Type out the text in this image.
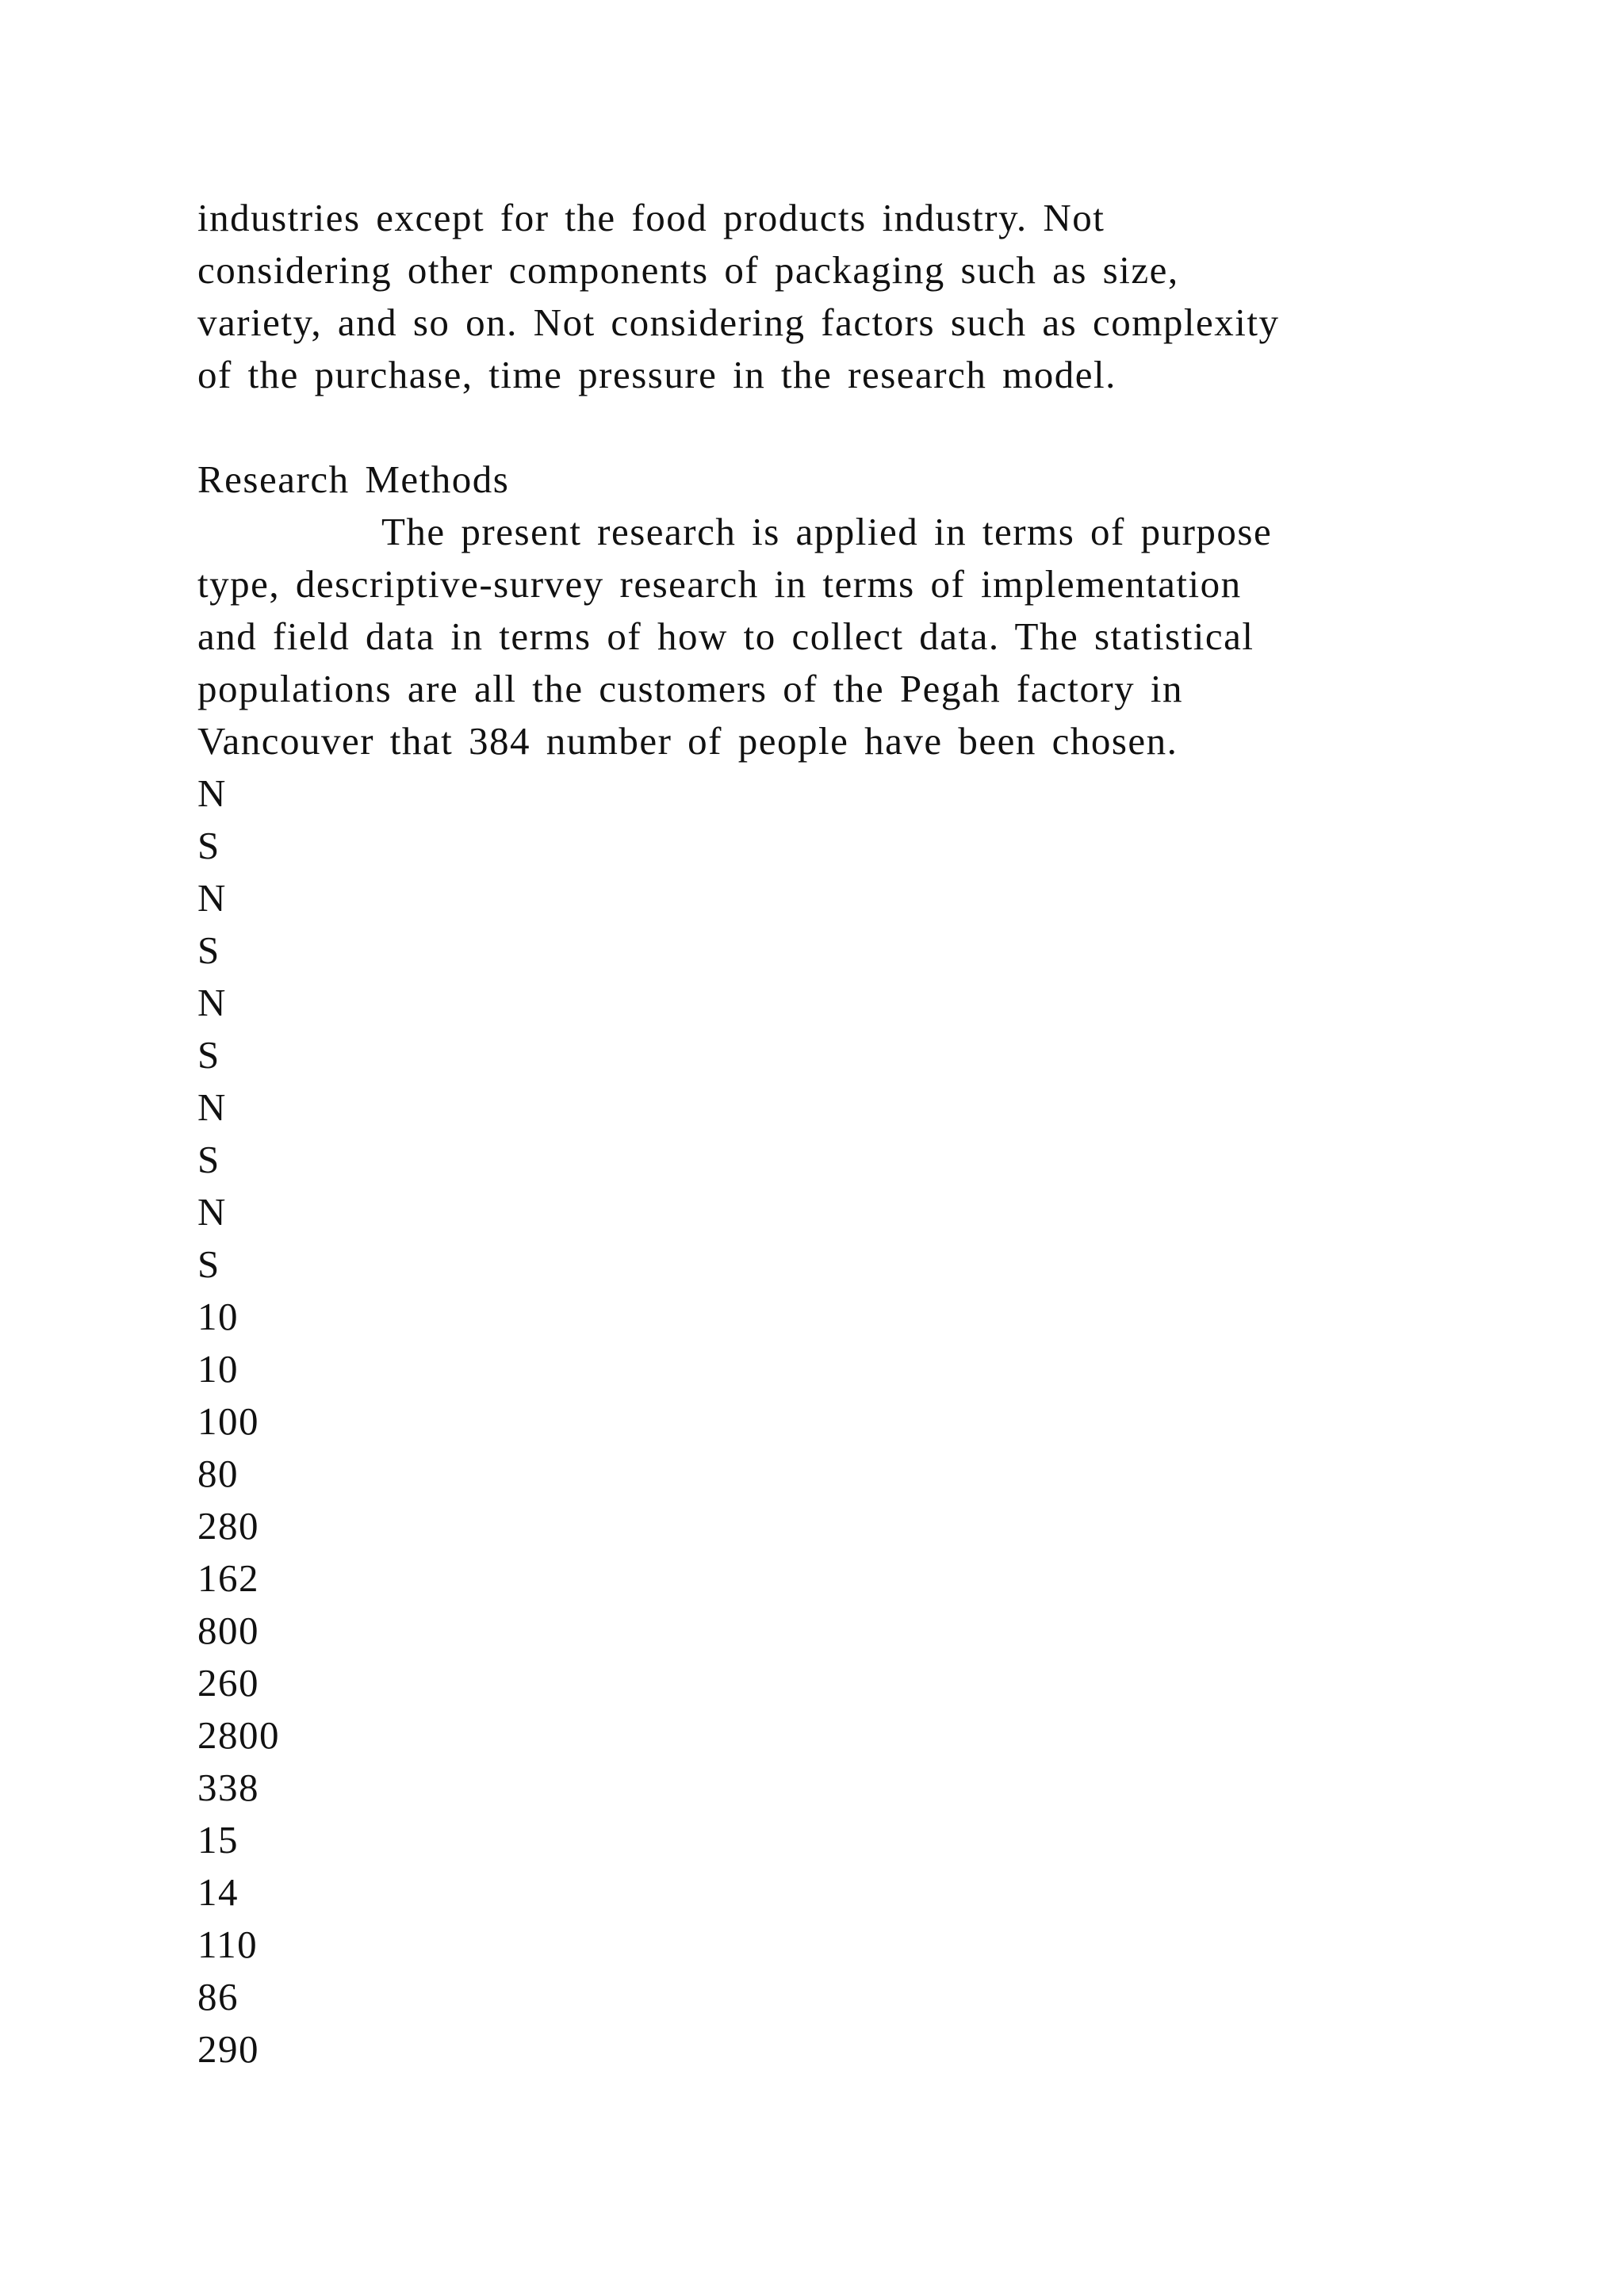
industries except for the food products industry. Not
considering other components of packaging such as size,
variety, and so on. Not considering factors such as complexity
of the purchase, time pressure in the research model.
Research Methods
The present research is applied in terms of purpose
type, descriptive-survey research in terms of implementation
and field data in terms of how to collect data. The statistical
populations are all the customers of the Pegah factory in
Vancouver that 384 number of people have been chosen.
N
S
N
S
N
S
N
S
N
S
10
10
100
80
280
162
800
260
2800
338
15
14
110
86
290
